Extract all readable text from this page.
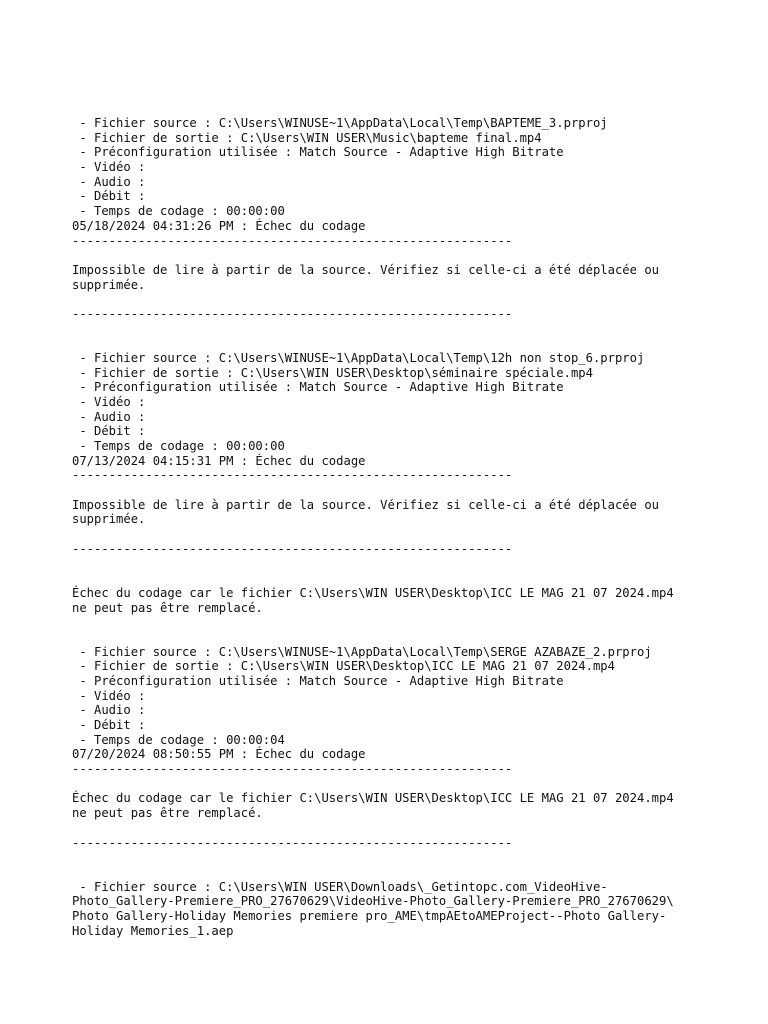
- Fichier source : C:\Users\WINUSE~1\AppData\Local\Temp\BAPTEME_3.prproj
- Fichier de sortie : C:\Users\WIN USER\Music\bapteme final.mp4
- Préconfiguration utilisée : Match Source - Adaptive High Bitrate
- Vidéo :
- Audio :
- Débit :
- Temps de codage : 00:00:00
05/18/2024 04:31:26 PM : Échec du codage
------------------------------------------------------------
Impossible de lire à partir de la source. Vérifiez si celle-ci a été déplacée ou
supprimée.
------------------------------------------------------------
- Fichier source : C:\Users\WINUSE~1\AppData\Local\Temp\12h non stop_6.prproj
- Fichier de sortie : C:\Users\WIN USER\Desktop\séminaire spéciale.mp4
- Préconfiguration utilisée : Match Source - Adaptive High Bitrate
- Vidéo :
- Audio :
- Débit :
- Temps de codage : 00:00:00
07/13/2024 04:15:31 PM : Échec du codage
------------------------------------------------------------
Impossible de lire à partir de la source. Vérifiez si celle-ci a été déplacée ou
supprimée.
------------------------------------------------------------
Échec du codage car le fichier C:\Users\WIN USER\Desktop\ICC LE MAG 21 07 2024.mp4
ne peut pas être remplacé.
- Fichier source : C:\Users\WINUSE~1\AppData\Local\Temp\SERGE AZABAZE_2.prproj
- Fichier de sortie : C:\Users\WIN USER\Desktop\ICC LE MAG 21 07 2024.mp4
- Préconfiguration utilisée : Match Source - Adaptive High Bitrate
- Vidéo :
- Audio :
- Débit :
- Temps de codage : 00:00:04
07/20/2024 08:50:55 PM : Échec du codage
------------------------------------------------------------
Échec du codage car le fichier C:\Users\WIN USER\Desktop\ICC LE MAG 21 07 2024.mp4
ne peut pas être remplacé.
------------------------------------------------------------
- Fichier source : C:\Users\WIN USER\Downloads\_Getintopc.com_VideoHive-
Photo_Gallery-Premiere_PRO_27670629\VideoHive-Photo_Gallery-Premiere_PRO_27670629\
Photo Gallery-Holiday Memories premiere pro_AME\tmpAEtoAMEProject--Photo Gallery-
Holiday Memories_1.aep
